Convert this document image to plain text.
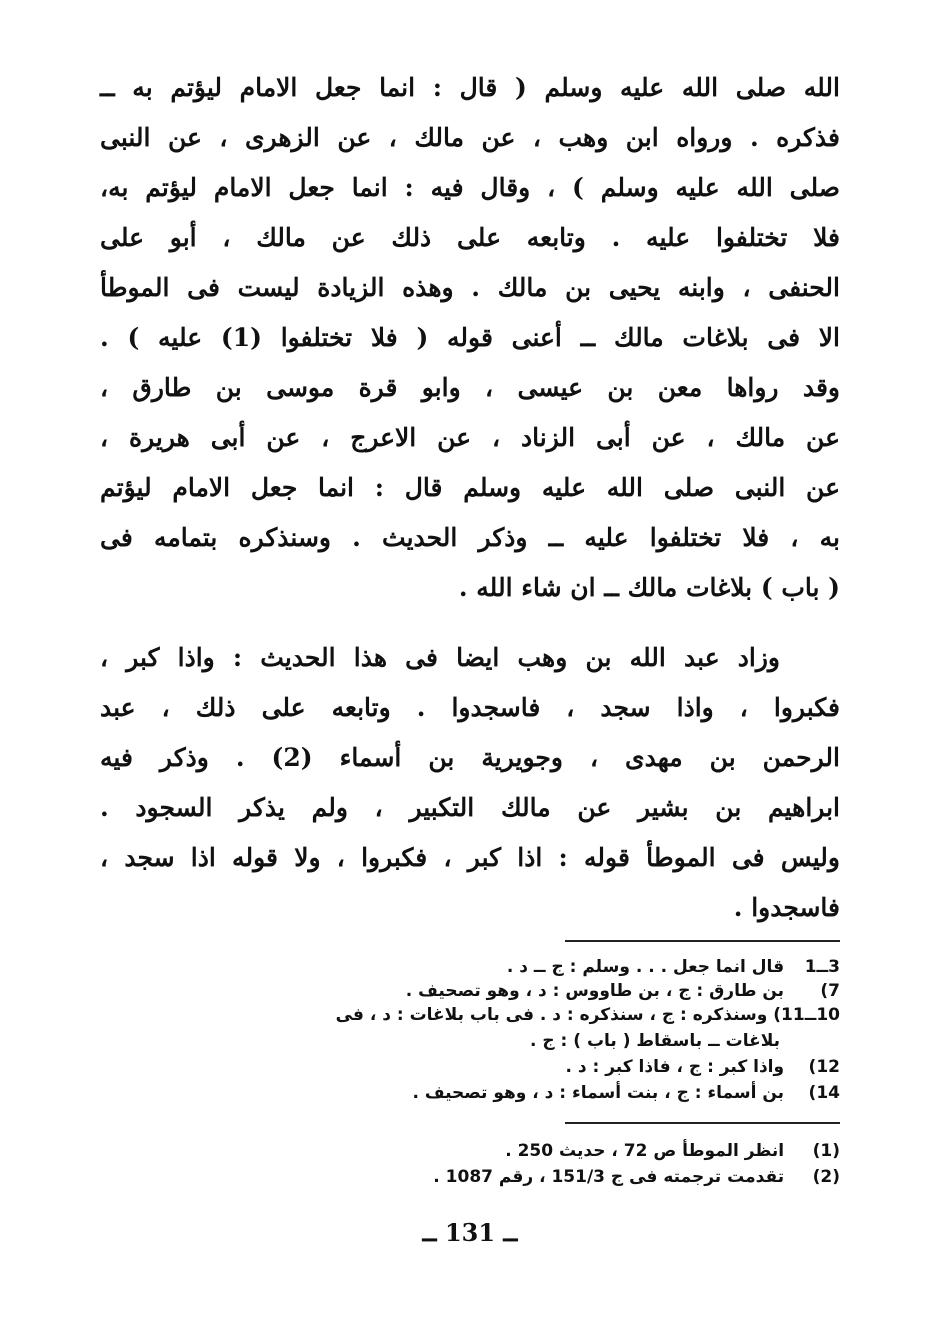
الله صلى الله عليه وسلم ( قال : انما جعل الامام ليؤتم به ــ
فذكره . ورواه ابن وهب ، عن مالك ، عن الزهرى ، عن النبى
صلى الله عليه وسلم ) ، وقال فيه : انما جعل الامام ليؤتم به،
فلا تختلفوا عليه . وتابعه على ذلك عن مالك ، أبو على
الحنفى ، وابنه يحيى بن مالك . وهذه الزيادة ليست فى الموطأ
الا فى بلاغات مالك ــ أعنى قوله ( فلا تختلفوا (1) عليه ) .
وقد رواها معن بن عيسى ، وابو قرة موسى بن طارق ،
عن مالك ، عن أبى الزناد ، عن الاعرج ، عن أبى هريرة ،
عن النبى صلى الله عليه وسلم قال : انما جعل الامام ليؤتم
به ، فلا تختلفوا عليه ــ وذكر الحديث . وسنذكره بتمامه فى
( باب ) بلاغات مالك ــ ان شاء الله .
وزاد عبد الله بن وهب ايضا فى هذا الحديث : واذا كبر ،
فكبروا ، واذا سجد ، فاسجدوا . وتابعه على ذلك ، عبد
الرحمن بن مهدى ، وجويرية بن أسماء (2) . وذكر فيه
ابراهيم بن بشير عن مالك التكبير ، ولم يذكر السجود .
وليس فى الموطأ قوله : اذا كبر ، فكبروا ، ولا قوله اذا سجد ،
فاسجدوا .
3ــ1 قال انما جعل . . . وسلم : ج ــ د .
7) بن طارق : ج ، بن طاووس : د ، وهو تصحيف .
10ــ11) وسنذكره : ج ، سنذكره : د . فى باب بلاغات : د ، فى
بلاغات ــ باسقاط ( باب ) : ج .
12) واذا كبر : ج ، فاذا كبر : د .
14) بن أسماء : ج ، بنت أسماء : د ، وهو تصحيف .
(1) انظر الموطأ ص 72 ، حديث 250 .
(2) تقدمت ترجمته فى ج 151/3 ، رقم 1087 .
ــ 131 ــ
